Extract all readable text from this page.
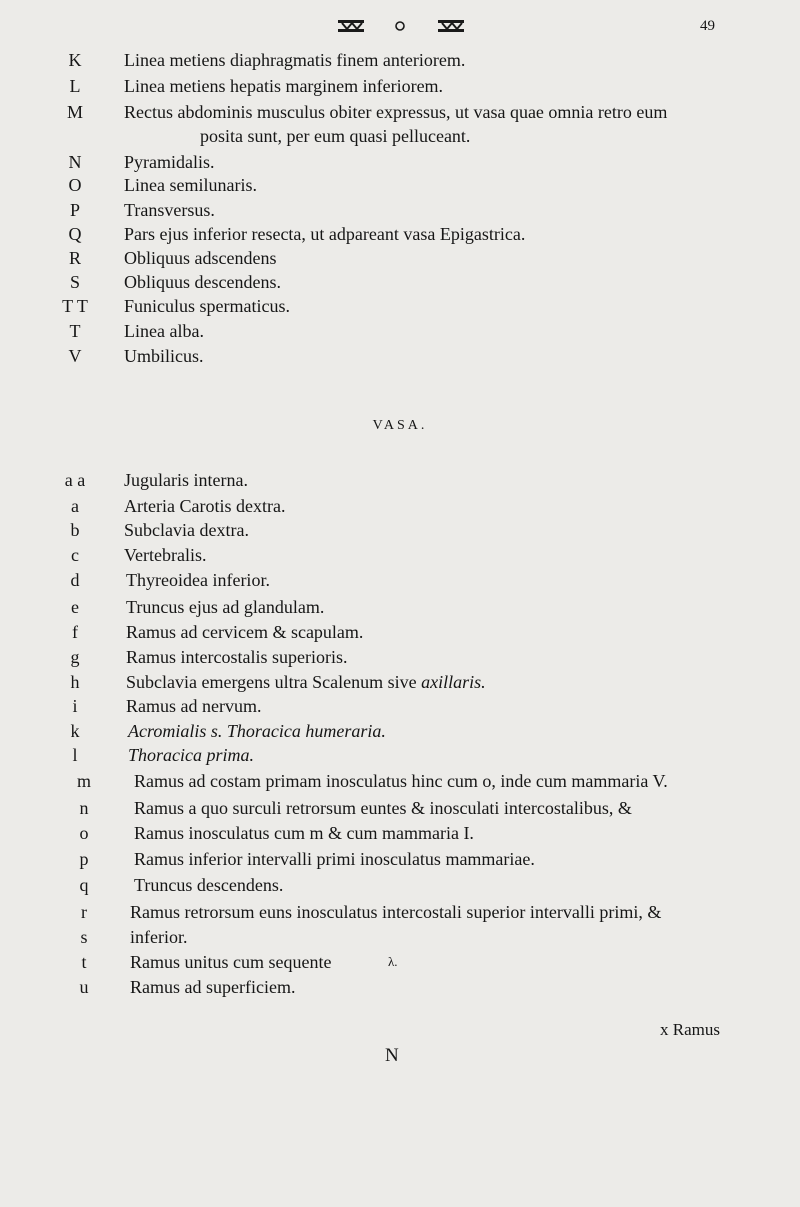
49
K	Linea metiens diaphragmatis finem anteriorem.
L	Linea metiens hepatis marginem inferiorem.
M	Rectus abdominis musculus obiter expressus, ut vasa quae omnia retro eum
posita sunt, per eum quasi pelluceant.
N	Pyramidalis.
O	Linea semilunaris.
P	Transversus.
Q	Pars ejus inferior resecta, ut adpareant vasa Epigastrica.
R	Obliquus adscendens
S	Obliquus descendens.
T T	Funiculus spermaticus.
T	Linea alba.
V	Umbilicus.
VASA.
a a	Jugularis interna.
a	Arteria Carotis dextra.
b	Subclavia dextra.
c	Vertebralis.
d	Thyreoidea inferior.
e	Truncus ejus ad glandulam.
f	Ramus ad cervicem & scapulam.
g	Ramus intercostalis superioris.
h	Subclavia emergens ultra Scalenum sive axillaris.
i	Ramus ad nervum.
k	Acromialis s. Thoracica humeraria.
l	Thoracica prima.
m	Ramus ad costam primam inosculatus hinc cum o, inde cum mammaria V.
n	Ramus a quo surculi retrorsum euntes & inosculati intercostalibus, &
o	Ramus inosculatus cum m & cum mammaria I.
p	Ramus inferior intervalli primi inosculatus mammariae.
q	Truncus descendens.
r	Ramus retrorsum euns inosculatus intercostali superior intervalli primi, &
s	inferior.
t	Ramus unitus cum sequente	λ.
u	Ramus ad superficiem.
x Ramus
N
